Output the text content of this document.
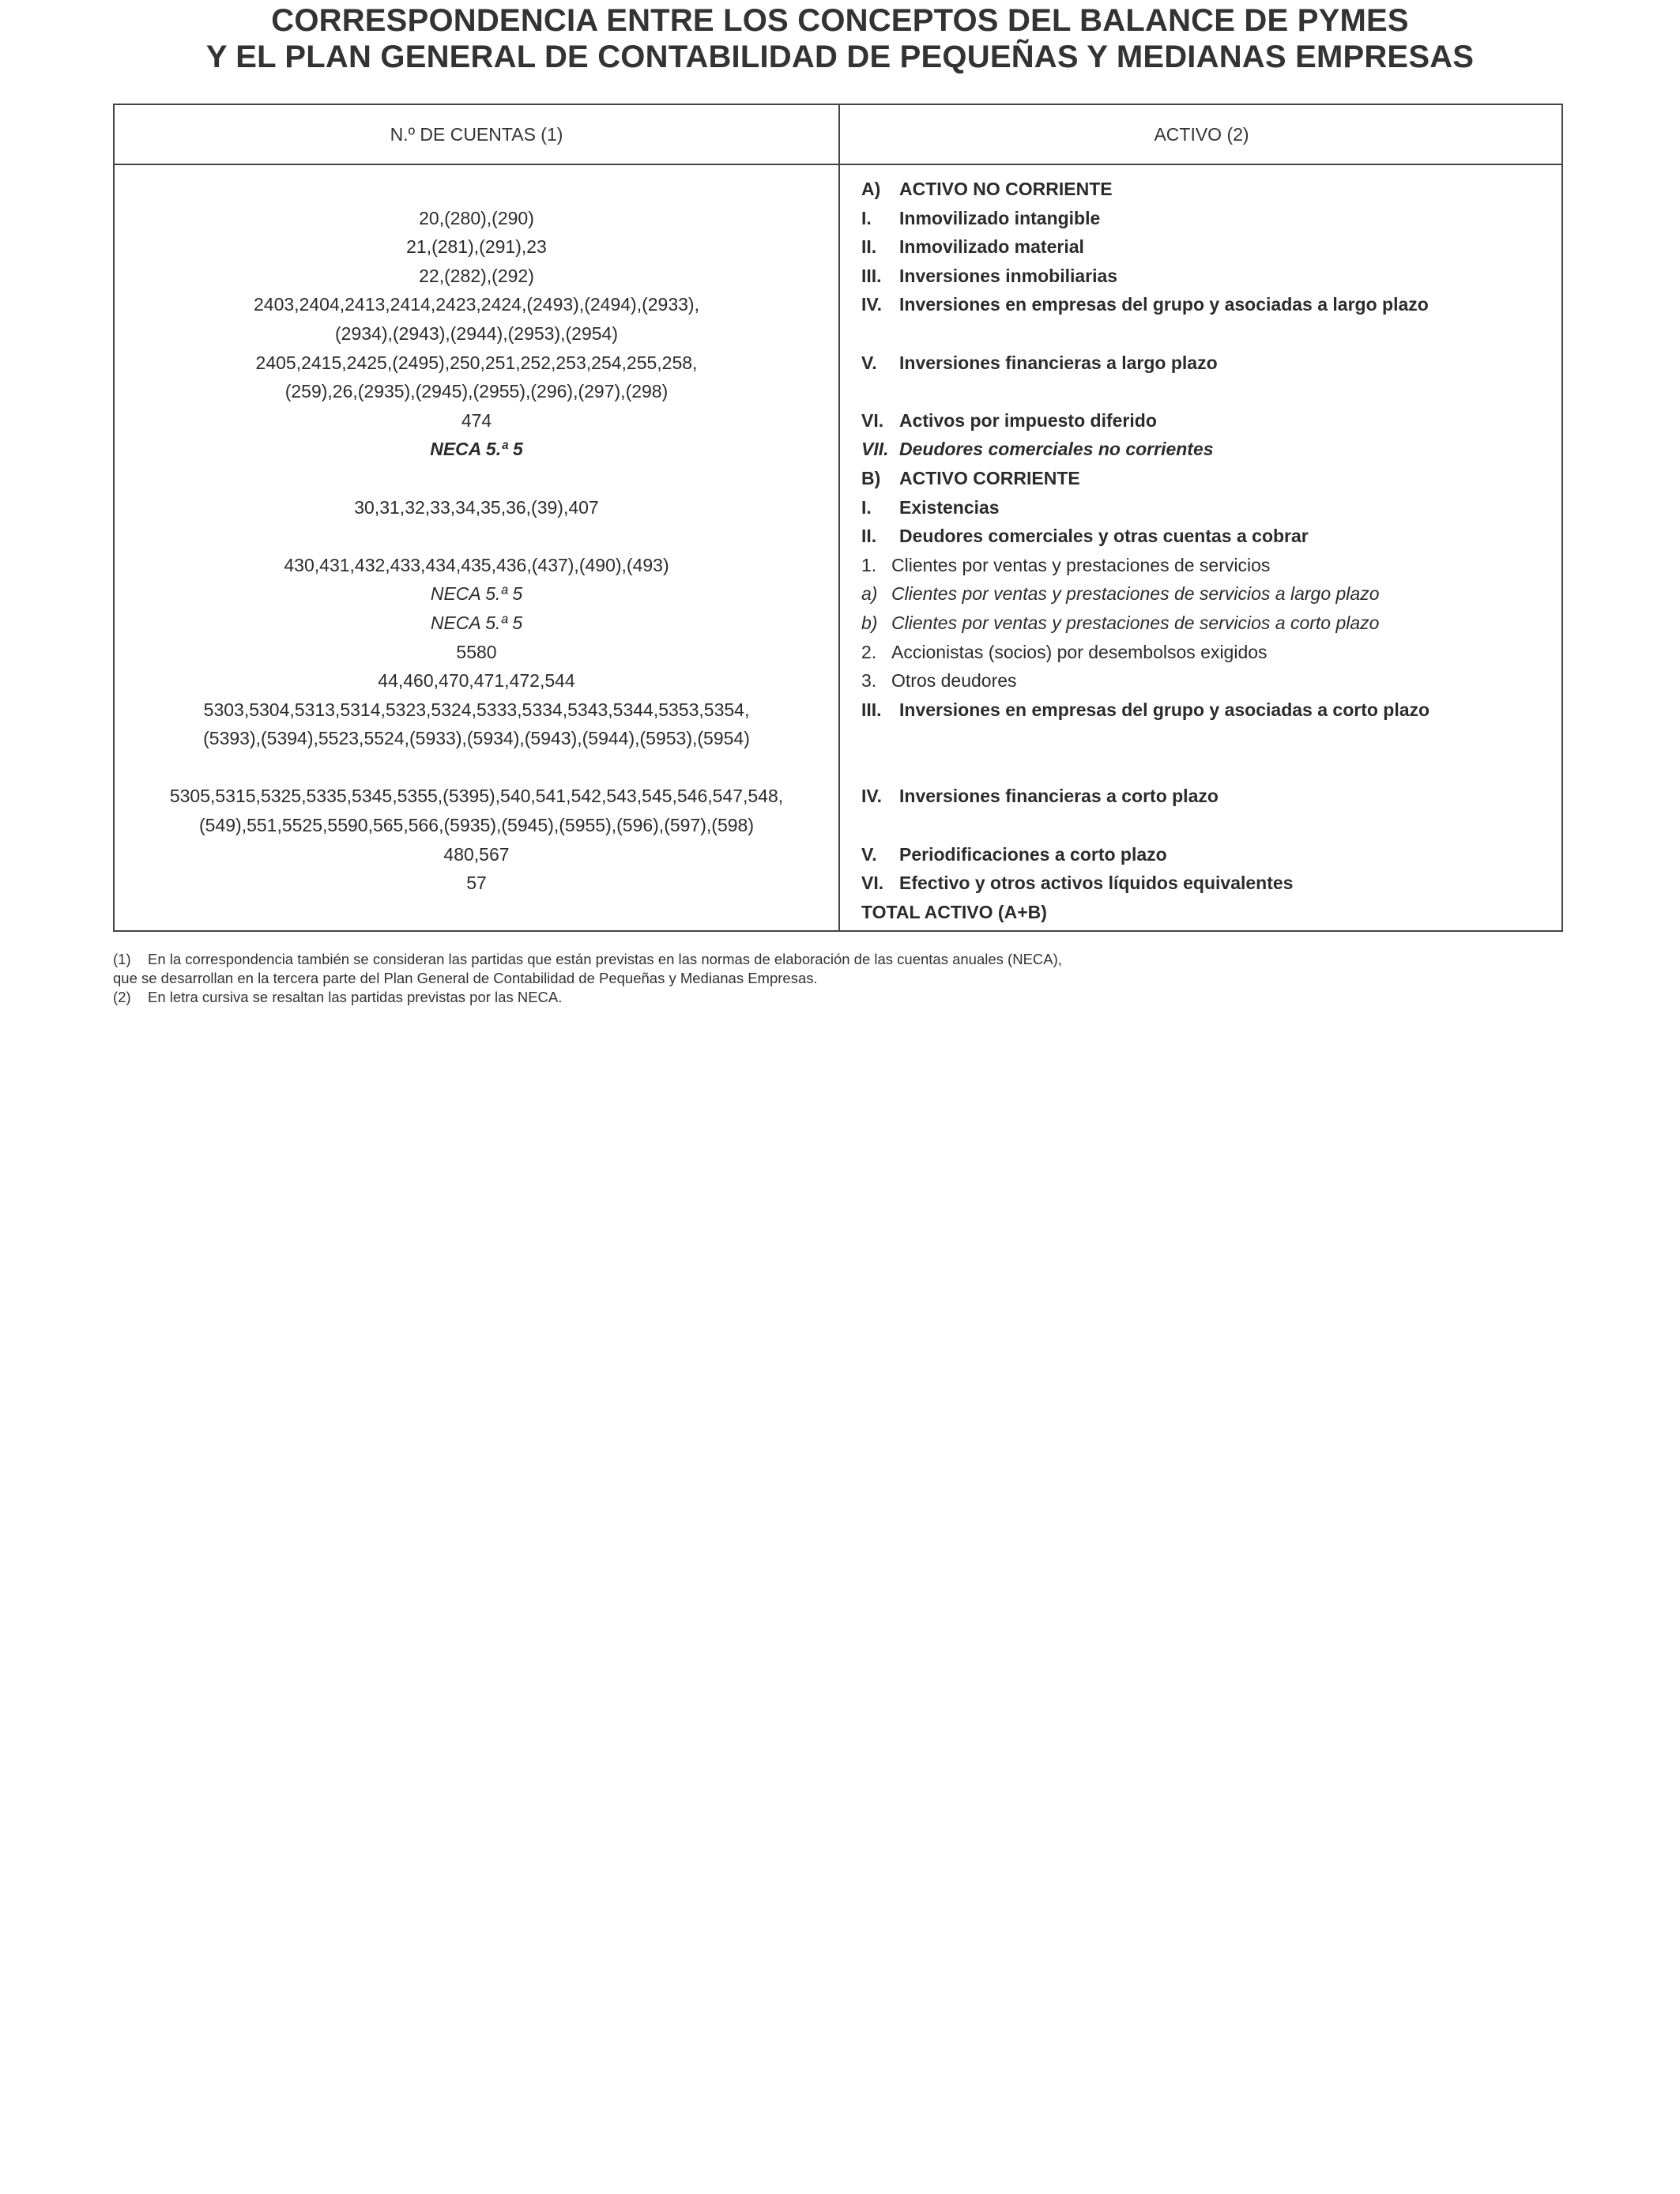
CORRESPONDENCIA ENTRE LOS CONCEPTOS DEL BALANCE DE PYMES
Y EL PLAN GENERAL DE CONTABILIDAD DE PEQUEÑAS Y MEDIANAS EMPRESAS
N.º DE CUENTAS (1)	ACTIVO (2)
20,(280),(290)
21,(281),(291),23
22,(282),(292)
2403,2404,2413,2414,2423,2424,(2493),(2494),(2933),
(2934),(2943),(2944),(2953),(2954)
2405,2415,2425,(2495),250,251,252,253,254,255,258,
(259),26,(2935),(2945),(2955),(296),(297),(298)
474
NECA 5.ª 5
30,31,32,33,34,35,36,(39),407
430,431,432,433,434,435,436,(437),(490),(493)
NECA 5.ª 5
NECA 5.ª 5
5580
44,460,470,471,472,544
5303,5304,5313,5314,5323,5324,5333,5334,5343,5344,5353,5354,
(5393),(5394),5523,5524,(5933),(5934),(5943),(5944),(5953),(5954)
5305,5315,5325,5335,5345,5355,(5395),540,541,542,543,545,546,547,548,
(549),551,5525,5590,565,566,(5935),(5945),(5955),(596),(597),(598)
480,567
57
A) ACTIVO NO CORRIENTE
I. Inmovilizado intangible
II. Inmovilizado material
III. Inversiones inmobiliarias
IV. Inversiones en empresas del grupo y asociadas a largo plazo
V. Inversiones financieras a largo plazo
VI. Activos por impuesto diferido
VII. Deudores comerciales no corrientes
B) ACTIVO CORRIENTE
I. Existencias
II. Deudores comerciales y otras cuentas a cobrar
1. Clientes por ventas y prestaciones de servicios
a) Clientes por ventas y prestaciones de servicios a largo plazo
b) Clientes por ventas y prestaciones de servicios a corto plazo
2. Accionistas (socios) por desembolsos exigidos
3. Otros deudores
III. Inversiones en empresas del grupo y asociadas a corto plazo
IV. Inversiones financieras a corto plazo
V. Periodificaciones a corto plazo
VI. Efectivo y otros activos líquidos equivalentes
TOTAL ACTIVO (A+B)
(1) En la correspondencia también se consideran las partidas que están previstas en las normas de elaboración de las cuentas anuales (NECA),
que se desarrollan en la tercera parte del Plan General de Contabilidad de Pequeñas y Medianas Empresas.
(2) En letra cursiva se resaltan las partidas previstas por las NECA.
